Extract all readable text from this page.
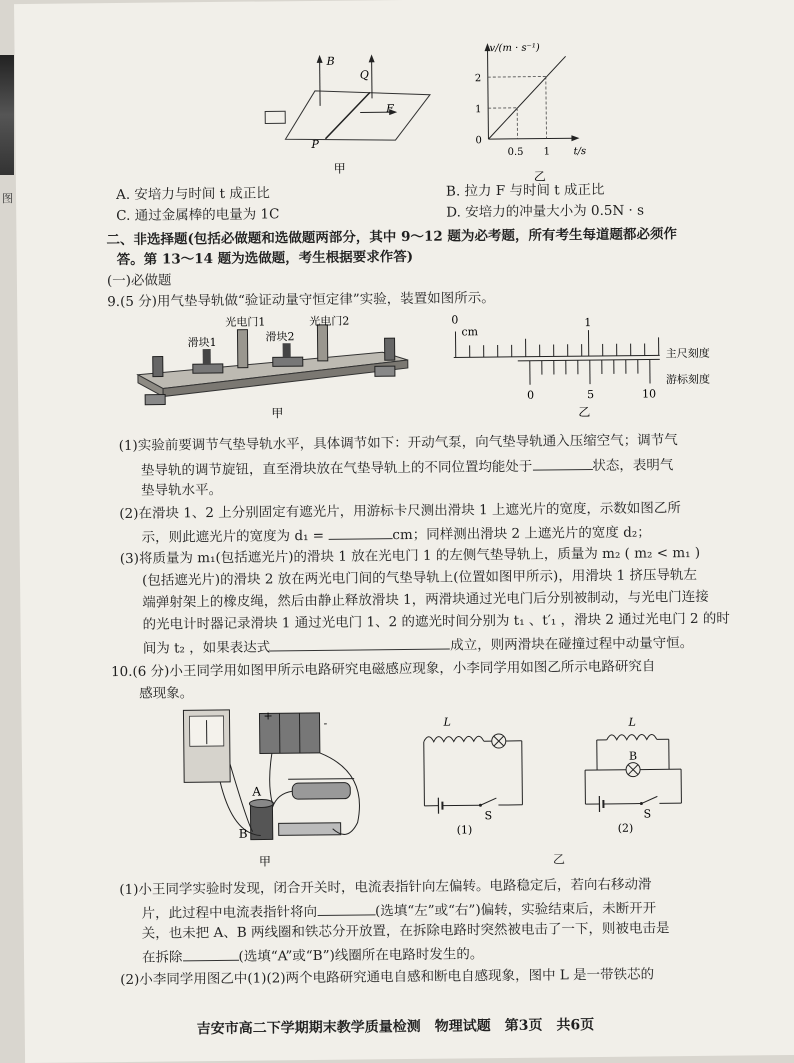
图
B
Q
F
P
甲
v/(m · s⁻¹)
2
1
0
0.5 1 t/s
乙
A. 安培力与时间 t 成正比	B. 拉力 F 与时间 t 成正比
C. 通过金属棒的电量为 1C	D. 安培力的冲量大小为 0.5N · s
二、非选择题(包括必做题和选做题两部分，其中 9～12 题为必考题，所有考生每道题都必须作
答。第 13～14 题为选做题，考生根据要求作答)
(一)必做题
9.(5 分)用气垫导轨做“验证动量守恒定律”实验，装置如图所示。
光电门1	光电门2
滑块1	滑块2
甲
0
cm
1
主尺刻度
游标刻度
0	5	10
乙
(1)实验前要调节气垫导轨水平，具体调节如下：开动气泵，向气垫导轨通入压缩空气；调节气
垫导轨的调节旋钮，直至滑块放在气垫导轨上的不同位置均能处于	状态，表明气
垫导轨水平。
(2)在滑块 1、2 上分别固定有遮光片，用游标卡尺测出滑块 1 上遮光片的宽度，示数如图乙所
示，则此遮光片的宽度为 d₁ =	cm；同样测出滑块 2 上遮光片的宽度 d₂；
(3)将质量为 m₁(包括遮光片)的滑块 1 放在光电门 1 的左侧气垫导轨上，质量为 m₂ ( m₂ < m₁ )
(包括遮光片)的滑块 2 放在两光电门间的气垫导轨上(位置如图甲所示)，用滑块 1 挤压导轨左
端弹射架上的橡皮绳，然后由静止释放滑块 1，两滑块通过光电门后分别被制动，与光电门连接
的光电计时器记录滑块 1 通过光电门 1、2 的遮光时间分别为 t₁ 、t′₁ ，滑块 2 通过光电门 2 的时
间为 t₂ ，如果表达式	成立，则两滑块在碰撞过程中动量守恒。
10.(6 分)小王同学用如图甲所示电路研究电磁感应现象，小李同学用如图乙所示电路研究自
感现象。
+
-
A
B
甲
L
S
(1)
L
B
S
(2)
乙
(1)小王同学实验时发现，闭合开关时，电流表指针向左偏转。电路稳定后，若向右移动滑
片，此过程中电流表指针将向	(选填“左”或“右”)偏转，实验结束后，未断开开
关，也未把 A、B 两线圈和铁芯分开放置，在拆除电路时突然被电击了一下，则被电击是
在拆除	(选填“A”或“B”)线圈所在电路时发生的。
(2)小李同学用图乙中(1)(2)两个电路研究通电自感和断电自感现象，图中 L 是一带铁芯的
吉安市高二下学期期末教学质量检测　物理试题　第3页　共6页
